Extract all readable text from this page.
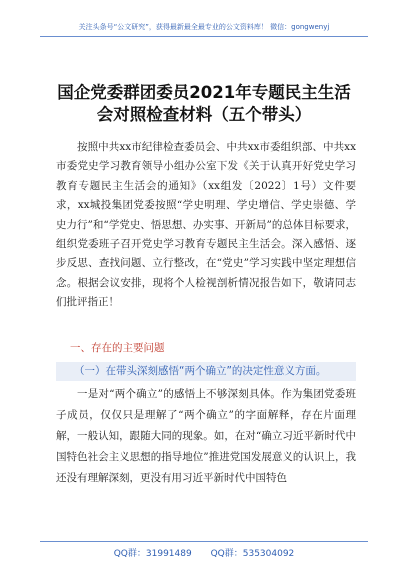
关注头条号“公文研究”，获得最新最全最专业的公文资料库！ 微信：gongwenyj
国企党委群团委员2021年专题民主生活会对照检查材料（五个带头）

按照中共xx市纪律检查委员会、中共xx市委组织部、中共xx市委党史学习教育领导小组办公室下发《关于认真开好党史学习教育专题民主生活会的通知》（xx组发〔2022〕1号）文件要求，xx城投集团党委按照“学史明理、学史增信、学史崇德、学史力行”和“学党史、悟思想、办实事、开新局”的总体目标要求，组织党委班子召开党史学习教育专题民主生活会。深入感悟、逐步反思、查找问题、立行整改，在“党史”学习实践中坚定理想信念。根据会议安排，现将个人检视剖析情况报告如下，敬请同志们批评指正！

一、存在的主要问题
（一）在带头深刻感悟“两个确立”的决定性意义方面。

一是对“两个确立”的感悟上不够深刻具体。作为集团党委班子成员，仅仅只是理解了“两个确立”的字面解释，存在片面理解，一般认知，跟随大同的现象。如，在对“确立习近平新时代中国特色社会主义思想的指导地位”推进党国发展意义的认识上，我还没有理解深刻，更没有用习近平新时代中国特色

QQ群：31991489 QQ群：535304092
